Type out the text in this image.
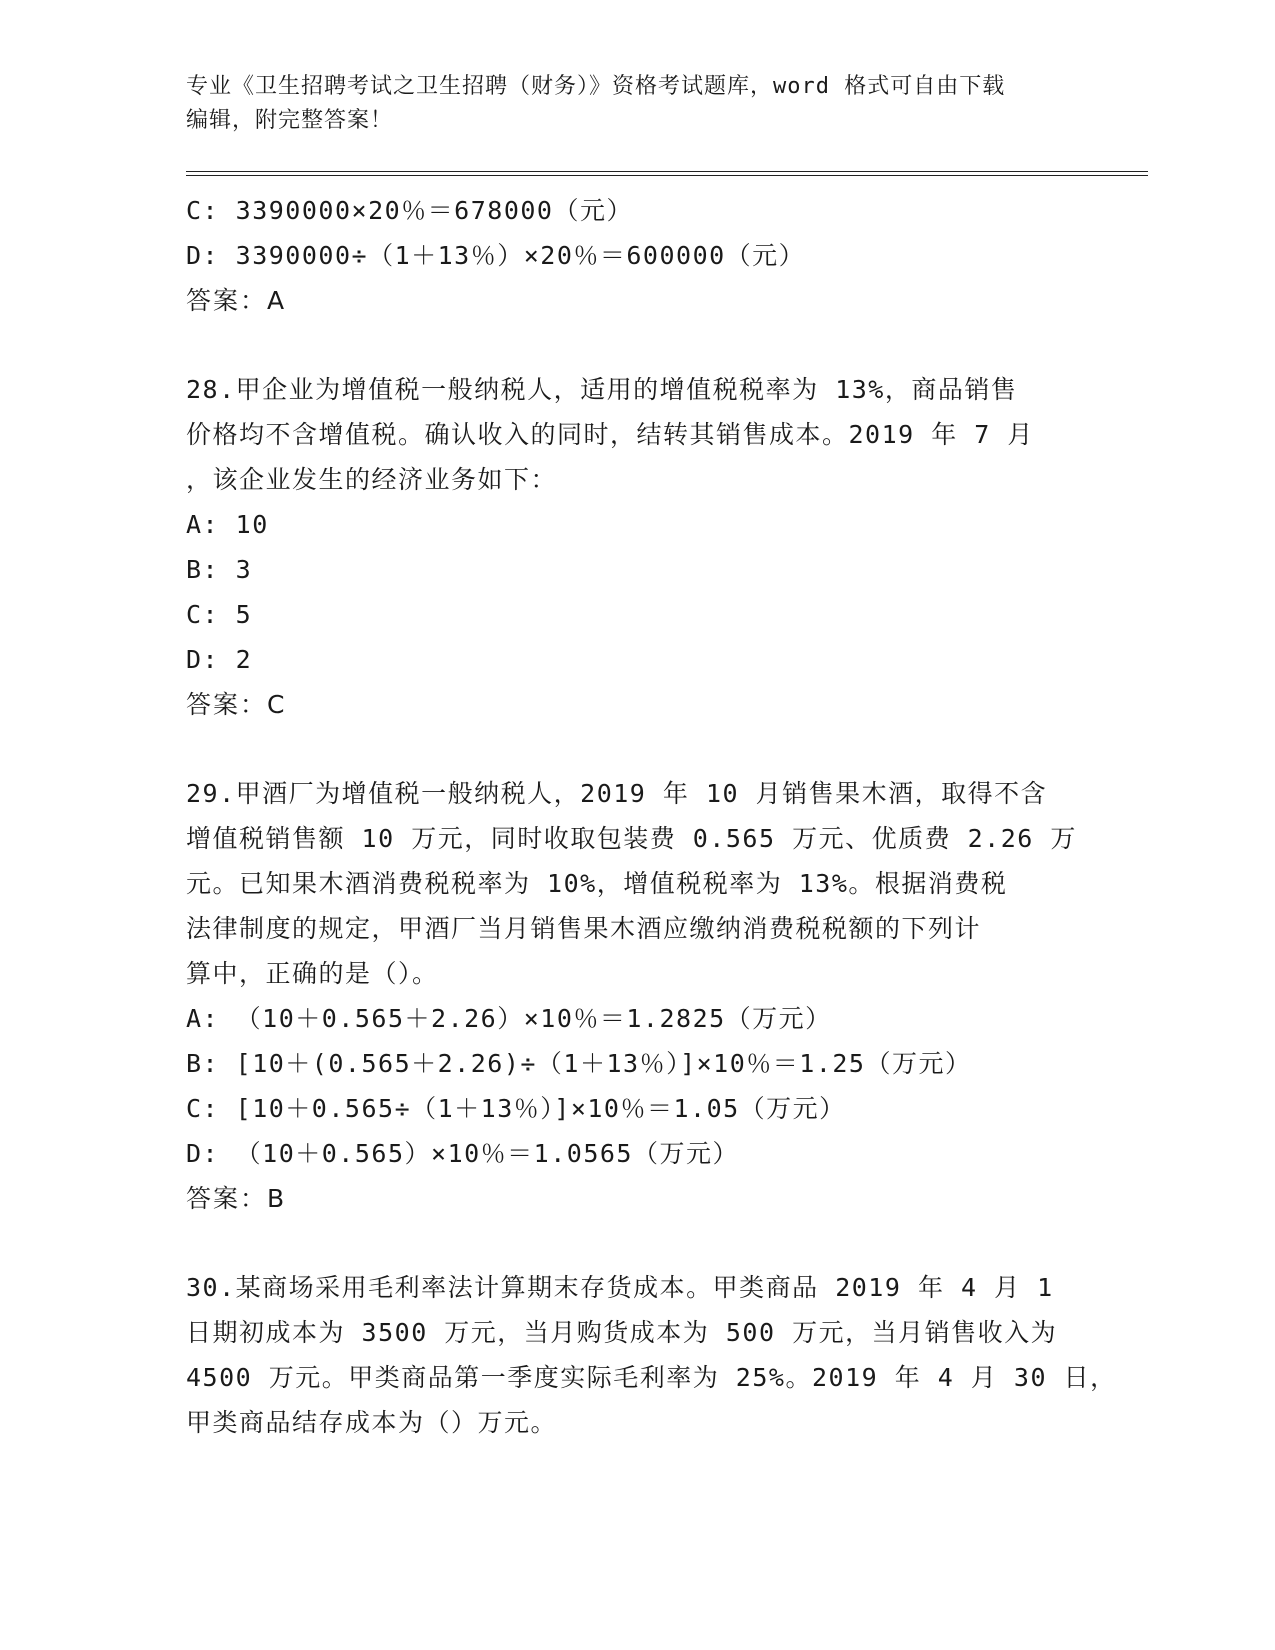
专业《卫生招聘考试之卫生招聘（财务）》资格考试题库，word 格式可自由下载
编辑，附完整答案！
C: 3390000×20％＝678000（元）
D: 3390000÷（1＋13％）×20％＝600000（元）
答案：A
28.甲企业为增值税一般纳税人，适用的增值税税率为 13%，商品销售
价格均不含增值税。确认收入的同时，结转其销售成本。2019 年 7 月
，该企业发生的经济业务如下：
A: 10
B: 3
C: 5
D: 2
答案：C
29.甲酒厂为增值税一般纳税人，2019 年 10 月销售果木酒，取得不含
增值税销售额 10 万元，同时收取包装费 0.565 万元、优质费 2.26 万
元。已知果木酒消费税税率为 10%，增值税税率为 13%。根据消费税
法律制度的规定，甲酒厂当月销售果木酒应缴纳消费税税额的下列计
算中，正确的是（）。
A: （10＋0.565＋2.26）×10％＝1.2825（万元）
B: [10＋(0.565＋2.26)÷（1＋13％）]×10％＝1.25（万元）
C: [10＋0.565÷（1＋13％）]×10％＝1.05（万元）
D: （10＋0.565）×10％＝1.0565（万元）
答案：B
30.某商场采用毛利率法计算期末存货成本。甲类商品 2019 年 4 月 1
日期初成本为 3500 万元，当月购货成本为 500 万元，当月销售收入为
4500 万元。甲类商品第一季度实际毛利率为 25%。2019 年 4 月 30 日，
甲类商品结存成本为（）万元。
